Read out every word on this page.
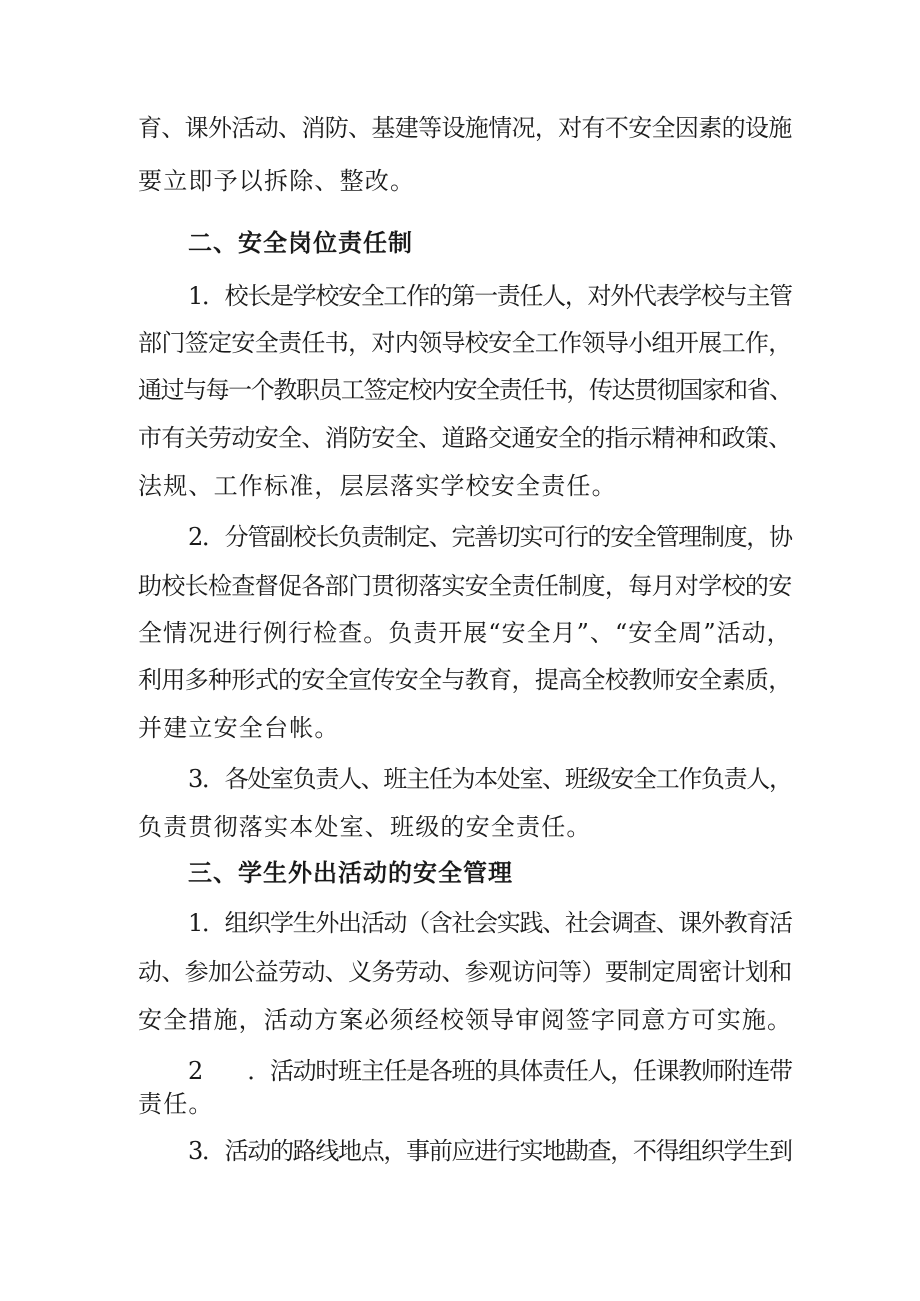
育、课外活动、消防、基建等设施情况，对有不安全因素的设施
要立即予以拆除、整改。
二、安全岗位责任制
1．校长是学校安全工作的第一责任人，对外代表学校与主管
部门签定安全责任书，对内领导校安全工作领导小组开展工作，
通过与每一个教职员工签定校内安全责任书，传达贯彻国家和省、
市有关劳动安全、消防安全、道路交通安全的指示精神和政策、
法规、工作标准，层层落实学校安全责任。
2．分管副校长负责制定、完善切实可行的安全管理制度，协
助校长检查督促各部门贯彻落实安全责任制度，每月对学校的安
全情况进行例行检查。负责开展“安全月”、“安全周”活动，
利用多种形式的安全宣传安全与教育，提高全校教师安全素质，
并建立安全台帐。
3．各处室负责人、班主任为本处室、班级安全工作负责人，
负责贯彻落实本处室、班级的安全责任。
三、学生外出活动的安全管理
1．组织学生外出活动（含社会实践、社会调查、课外教育活
动、参加公益劳动、义务劳动、参观访问等）要制定周密计划和
安全措施，活动方案必须经校领导审阅签字同意方可实施。
2　　．活动时班主任是各班的具体责任人，任课教师附连带
责任。
3．活动的路线地点，事前应进行实地勘查，不得组织学生到
